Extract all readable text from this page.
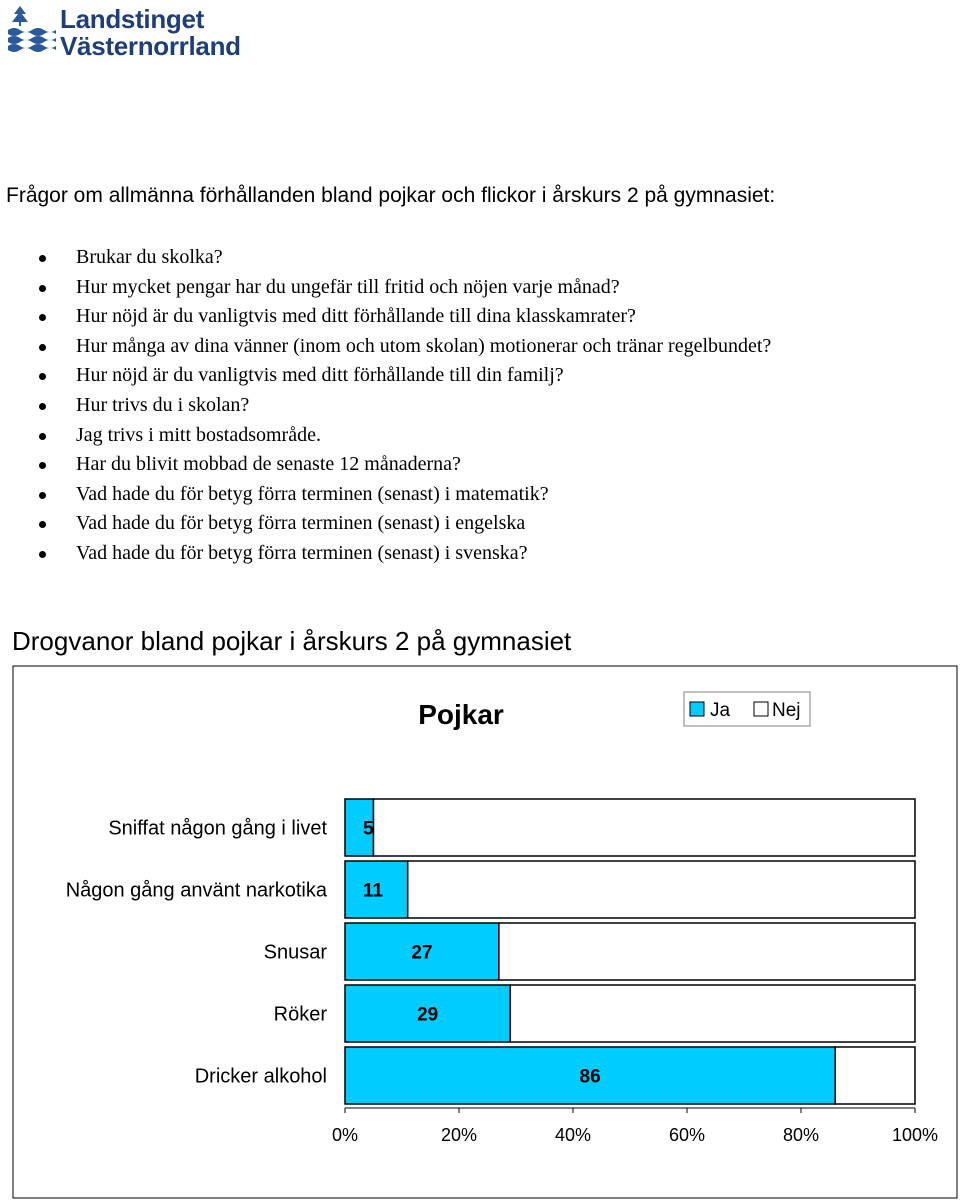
Landstinget
Västernorrland
Frågor om allmänna förhållanden bland pojkar och flickor i årskurs 2 på gymnasiet:
Brukar du skolka?
Hur mycket pengar har du ungefär till fritid och nöjen varje månad?
Hur nöjd är du vanligtvis med ditt förhållande till dina klasskamrater?
Hur många av dina vänner (inom och utom skolan) motionerar och tränar regelbundet?
Hur nöjd är du vanligtvis med ditt förhållande till din familj?
Hur trivs du i skolan?
Jag trivs i mitt bostadsområde.
Har du blivit mobbad de senaste 12 månaderna?
Vad hade du för betyg förra terminen (senast) i matematik?
Vad hade du för betyg förra terminen (senast) i engelska
Vad hade du för betyg förra terminen (senast) i svenska?
Drogvanor bland pojkar i årskurs 2 på gymnasiet
Pojkar	Ja Nej
5
Sniffat någon gång i livet
11
Någon gång använt narkotika
27
Snusar
29
Röker
86
Dricker alkohol
0%	20%	40%	60%	80%	100%
